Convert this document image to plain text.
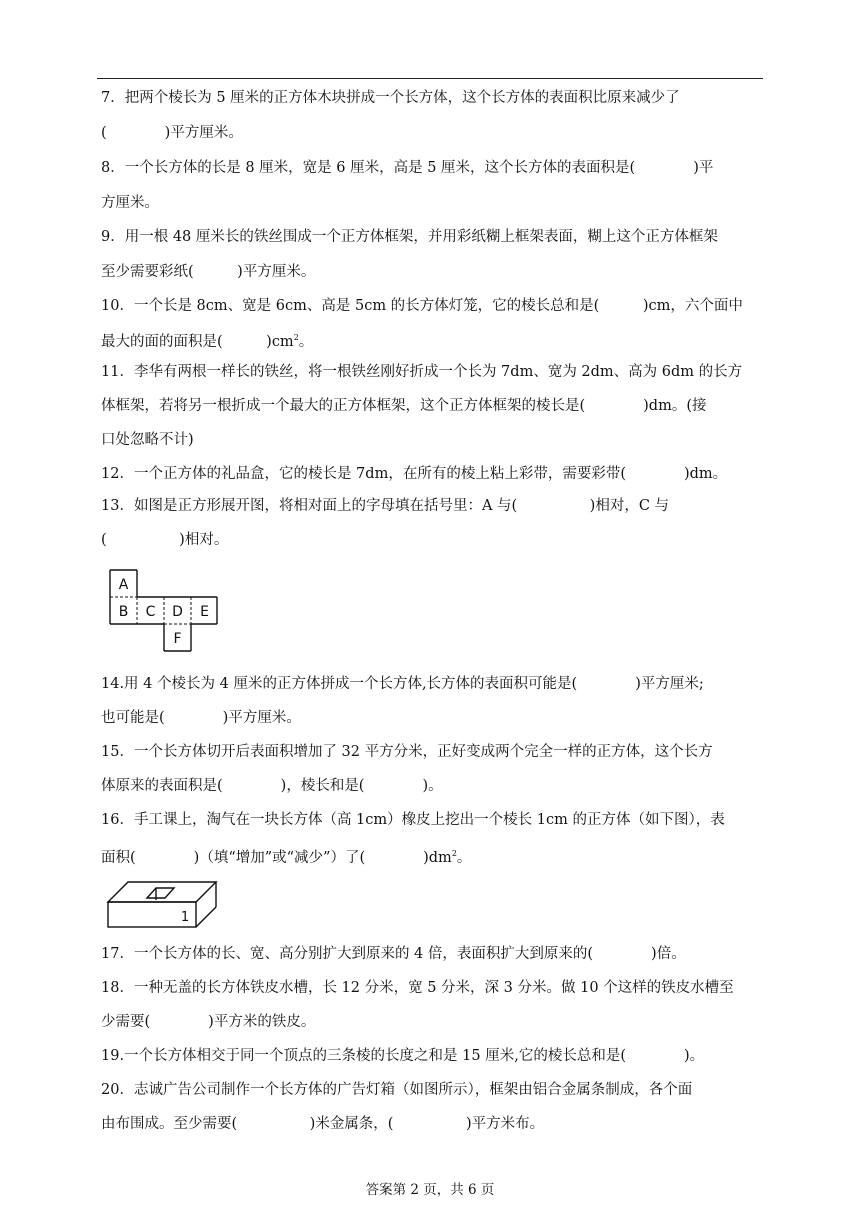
7．把两个棱长为 5 厘米的正方体木块拼成一个长方体，这个长方体的表面积比原来减少了
(　　　　)平方厘米。
8．一个长方体的长是 8 厘米，宽是 6 厘米，高是 5 厘米，这个长方体的表面积是(　　　　)平
方厘米。
9．用一根 48 厘米长的铁丝围成一个正方体框架，并用彩纸糊上框架表面，糊上这个正方体框架
至少需要彩纸(　　　)平方厘米。
10．一个长是 8cm、宽是 6cm、高是 5cm 的长方体灯笼，它的棱长总和是(　　　)cm，六个面中
最大的面的面积是(　　　)$cm^2$。
11．李华有两根一样长的铁丝，将一根铁丝刚好折成一个长为 7dm、宽为 2dm、高为 6dm 的长方
体框架，若将另一根折成一个最大的正方体框架，这个正方体框架的棱长是(　　　　)dm。(接
口处忽略不计)
12．一个正方体的礼品盒，它的棱长是 7dm，在所有的棱上粘上彩带，需要彩带(　　　　)dm。
13．如图是正方形展开图，将相对面上的字母填在括号里：A 与(　　　　　)相对，C 与
(　　　　　)相对。
A
B C D E
F
14.用 4 个棱长为 4 厘米的正方体拼成一个长方体,长方体的表面积可能是(　　　　)平方厘米;
也可能是(　　　　)平方厘米。
15．一个长方体切开后表面积增加了 32 平方分米，正好变成两个完全一样的正方体，这个长方
体原来的表面积是(　　　　)，棱长和是(　　　　)。
16．手工课上，淘气在一块长方体（高 1cm）橡皮上挖出一个棱长 1cm 的正方体（如下图），表
面积(　　　　)（填“增加”或“减少”）了(　　　　)$dm^2$。
1
17．一个长方体的长、宽、高分别扩大到原来的 4 倍，表面积扩大到原来的(　　　　)倍。
18．一种无盖的长方体铁皮水槽，长 12 分米，宽 5 分米，深 3 分米。做 10 个这样的铁皮水槽至
少需要(　　　　)平方米的铁皮。
19.一个长方体相交于同一个顶点的三条棱的长度之和是 15 厘米,它的棱长总和是(　　　　)。
20．志诚广告公司制作一个长方体的广告灯箱（如图所示），框架由铝合金属条制成，各个面
由布围成。至少需要(　　　　　)米金属条，(　　　　　)平方米布。
答案第 2 页，共 6 页
